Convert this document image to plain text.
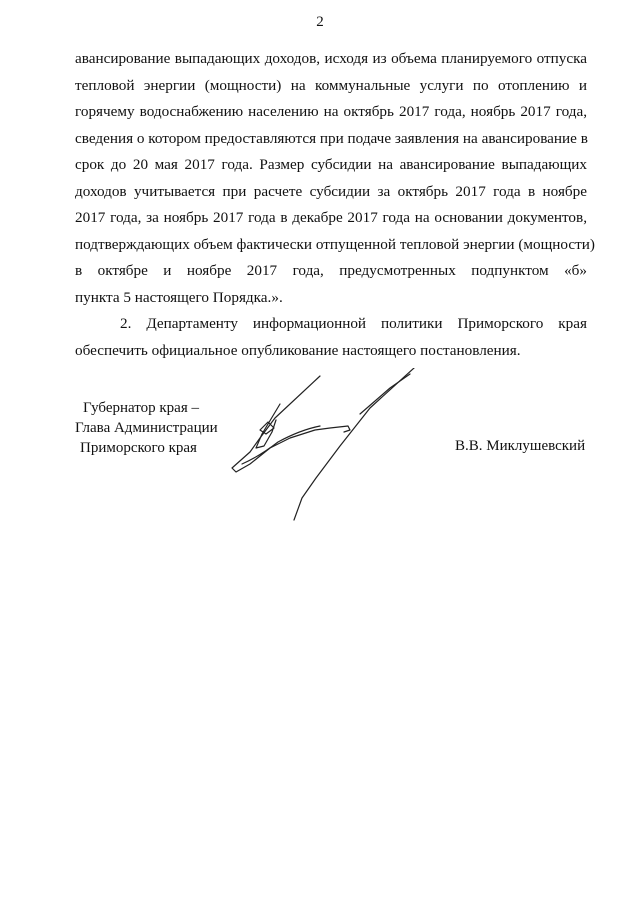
2

авансирование выпадающих доходов, исходя из объема планируемого отпуска
тепловой энергии (мощности) на коммунальные услуги по отоплению и
горячему водоснабжению населению на октябрь 2017 года, ноябрь 2017 года,
сведения о котором предоставляются при подаче заявления на авансирование в
срок до 20 мая 2017 года. Размер субсидии на авансирование выпадающих
доходов учитывается при расчете субсидии за октябрь 2017 года в ноябре
2017 года, за ноябрь 2017 года в декабре 2017 года на основании документов,
подтверждающих объем фактически отпущенной тепловой энергии (мощности)
в октябре и ноябре 2017 года, предусмотренных подпунктом «б»
пункта 5 настоящего Порядка.».

2. Департаменту информационной политики Приморского края
обеспечить официальное опубликование настоящего постановления.

Губернатор края –
Глава Администрации
Приморского края	В.В. Миклушевский
